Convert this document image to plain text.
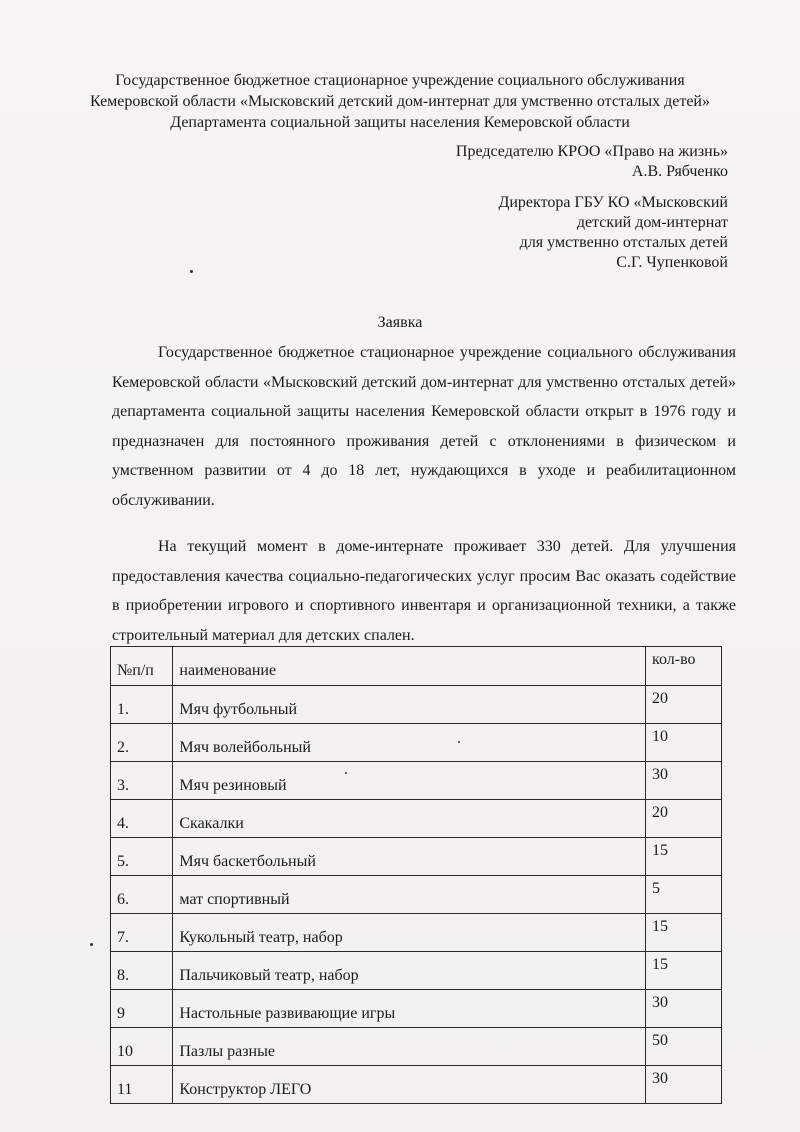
Государственное бюджетное стационарное учреждение социального обслуживания
Кемеровской области «Мысковский детский дом-интернат для умственно отсталых детей»
Департамента социальной защиты населения Кемеровской области
Председателю КРОО «Право на жизнь»
А.В. Рябченко
Директора ГБУ КО «Мысковский
детский дом-интернат
для умственно отсталых детей
С.Г. Чупенковой
Заявка

Государственное бюджетное стационарное учреждение социального обслуживания Кемеровской области «Мысковский детский дом-интернат для умственно отсталых детей» департамента социальной защиты населения Кемеровской области открыт в 1976 году и предназначен для постоянного проживания детей с отклонениями в физическом и умственном развитии от 4 до 18 лет, нуждающихся в уходе и реабилитационном обслуживании.

На текущий момент в доме-интернате проживает 330 детей. Для улучшения предоставления качества социально-педагогических услуг просим Вас оказать содействие в приобретении игрового и спортивного инвентаря и организационной техники, а также строительный материал для детских спален.

№п/п	наименование	кол-во
1.	Мяч футбольный	20
2.	Мяч волейбольный	10
3.	Мяч резиновый	30
4.	Скакалки	20
5.	Мяч баскетбольный	15
6.	мат спортивный	5
7.	Кукольный театр, набор	15
8.	Пальчиковый театр, набор	15
9	Настольные развивающие игры	30
10	Пазлы разные	50
11	Конструктор ЛЕГО	30
